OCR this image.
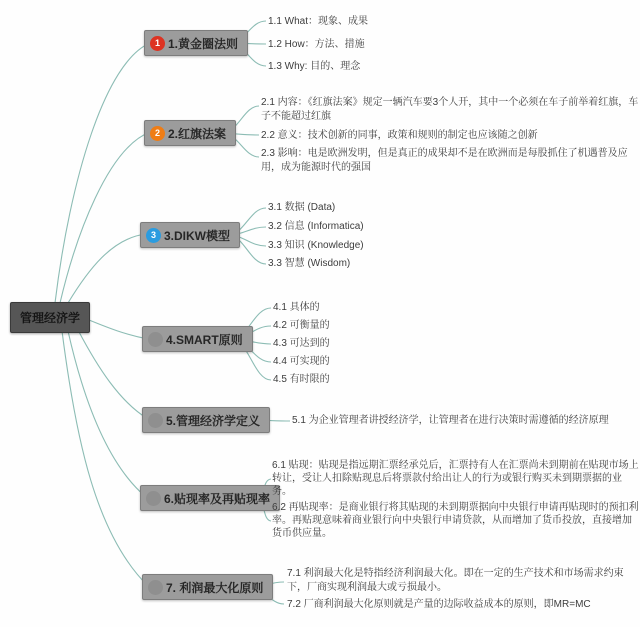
管理经济学
1 1.黄金圈法则
2 2.红旗法案
3 3.DIKW模型
4.SMART原则
5.管理经济学定义
6.贴现率及再贴现率
7. 利润最大化原则
1.1 What：现象、成果
1.2 How：方法、措施
1.3 Why: 目的、理念
2.1 内容：《红旗法案》规定一辆汽车要3个人开，其中一个必须在车子前举着红旗，车子不能超过红旗
2.2 意义：技术创新的同事，政策和规则的制定也应该随之创新
2.3 影响：电是欧洲发明，但是真正的成果却不是在欧洲而是每股抓住了机遇普及应用，成为能源时代的强国
3.1 数据 (Data)
3.2 信息 (Informatica)
3.3 知识 (Knowledge)
3.3 智慧 (Wisdom)
4.1 具体的
4.2 可衡量的
4.3 可达到的
4.4 可实现的
4.5 有时限的
5.1 为企业管理者讲授经济学，让管理者在进行决策时需遵循的经济原理
6.1 贴现：贴现是指远期汇票经承兑后，汇票持有人在汇票尚未到期前在贴现市场上转让，受让人扣除贴现息后将票款付给出让人的行为或银行购买未到期票据的业务。
6.2 再贴现率：是商业银行将其贴现的未到期票据向中央银行申请再贴现时的预扣利率。再贴现意味着商业银行向中央银行申请贷款，从而增加了货币投放，直接增加货币供应量。
7.1 利润最大化是特指经济利润最大化。即在一定的生产技术和市场需求约束下，厂商实现利润最大或亏损最小。
7.2 厂商利润最大化原则就是产量的边际收益成本的原则，即MR=MC
